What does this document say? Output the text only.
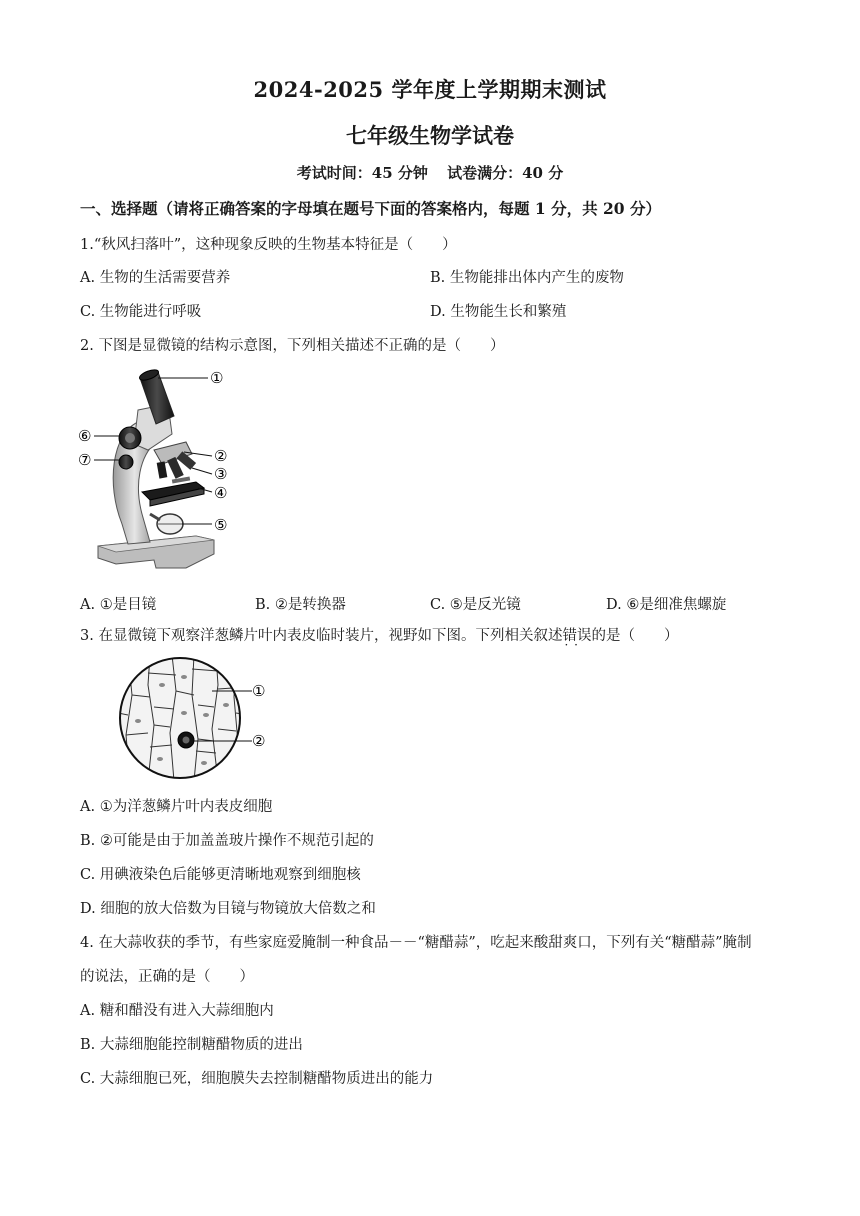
2024-2025 学年度上学期期末测试
七年级生物学试卷
考试时间：45 分钟 试卷满分：40 分
一、选择题（请将正确答案的字母填在题号下面的答案格内，每题 1 分，共 20 分）
1.“秋风扫落叶”，这种现象反映的生物基本特征是（　　）
A. 生物的生活需要营养	B. 生物能排出体内产生的废物
C. 生物能进行呼吸	D. 生物能生长和繁殖
2. 下图是显微镜的结构示意图，下列相关描述不正确的是（　　）
①
②
③
④
⑤
⑥
⑦
A. ①是目镜	B. ②是转换器	C. ⑤是反光镜	D. ⑥是细准焦螺旋
3. 在显微镜下观察洋葱鳞片叶内表皮临时装片，视野如下图。下列相关叙述错误 · ·的是（　　）
①
②
A. ①为洋葱鳞片叶内表皮细胞
B. ②可能是由于加盖盖玻片操作不规范引起的
C. 用碘液染色后能够更清晰地观察到细胞核
D. 细胞的放大倍数为目镜与物镜放大倍数之和
4. 在大蒜收获的季节，有些家庭爱腌制一种食品－－“糖醋蒜”，吃起来酸甜爽口，下列有关“糖醋蒜”腌制
的说法，正确的是（　　）
A. 糖和醋没有进入大蒜细胞内
B. 大蒜细胞能控制糖醋物质的进出
C. 大蒜细胞已死，细胞膜失去控制糖醋物质进出的能力
